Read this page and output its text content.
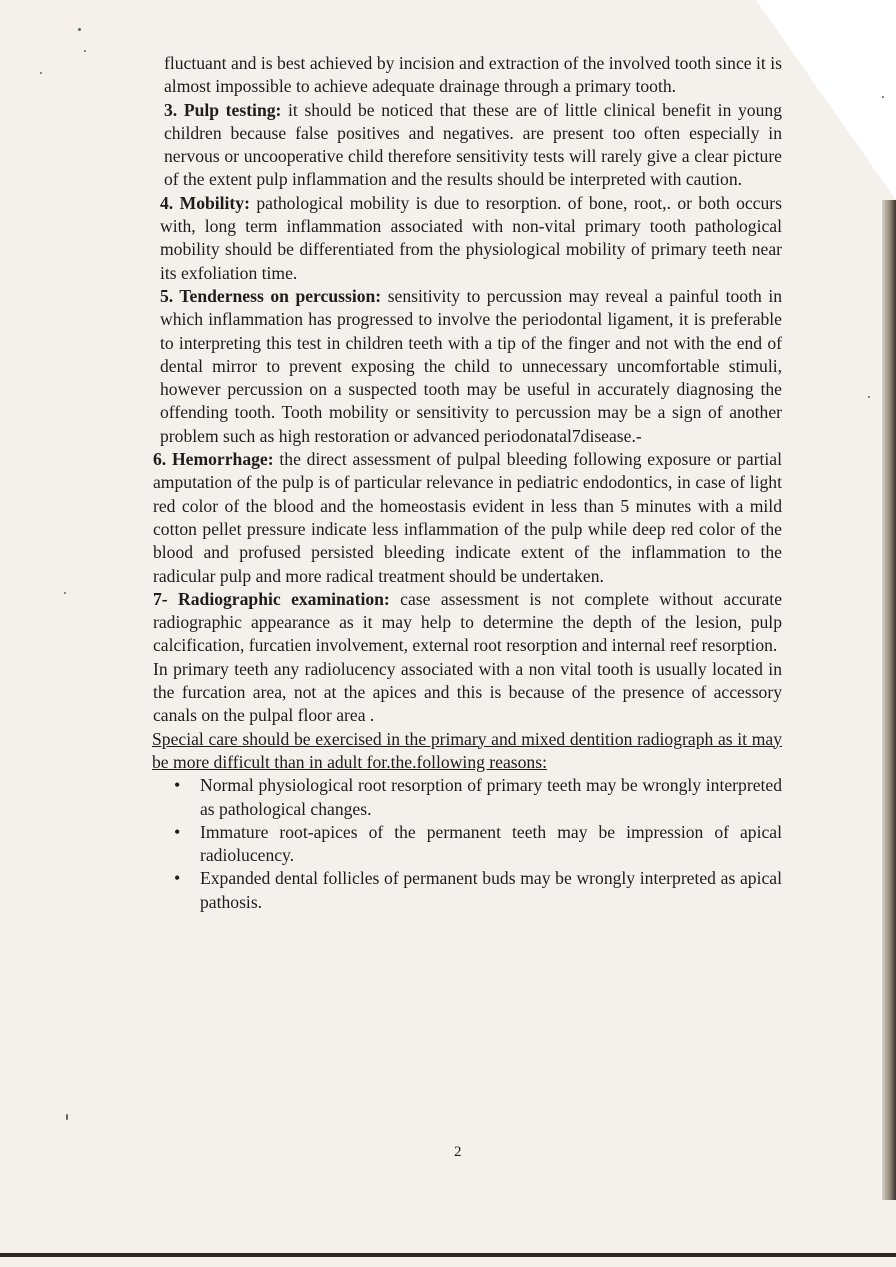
fluctuant and is best achieved by incision and extraction of the involved tooth since it is almost impossible to achieve adequate drainage through a primary tooth.

3. Pulp testing: it should be noticed that these are of little clinical benefit in young children because false positives and negatives. are present too often especially in nervous or uncooperative child therefore sensitivity tests will rarely give a clear picture of the extent pulp inflammation and the results should be interpreted with caution.

4. Mobility: pathological mobility is due to resorption. of bone, root,. or both occurs with, long term inflammation associated with non-vital primary tooth pathological mobility should be differentiated from the physiological mobility of primary teeth near its exfoliation time.

5. Tenderness on percussion: sensitivity to percussion may reveal a painful tooth in which inflammation has progressed to involve the periodontal ligament, it is preferable to interpreting this test in children teeth with a tip of the finger and not with the end of dental mirror to prevent exposing the child to unnecessary uncomfortable stimuli, however percussion on a suspected tooth may be useful in accurately diagnosing the offending tooth. Tooth mobility or sensitivity to percussion may be a sign of another problem such as high restoration or advanced periodonatal7disease.-

6. Hemorrhage: the direct assessment of pulpal bleeding following exposure or partial amputation of the pulp is of particular relevance in pediatric endodontics, in case of light red color of the blood and the homeostasis evident in less than 5 minutes with a mild cotton pellet pressure indicate less inflammation of the pulp while deep red color of the blood and profused persisted bleeding indicate extent of the inflammation to the radicular pulp and more radical treatment should be undertaken.

7- Radiographic examination: case assessment is not complete without accurate radiographic appearance as it may help to determine the depth of the lesion, pulp calcification, furcatien involvement, external root resorption and internal reef resorption.

In primary teeth any radiolucency associated with a non vital tooth is usually located in the furcation area, not at the apices and this is because of the presence of accessory canals on the pulpal floor area .

Special care should be exercised in the primary and mixed dentition radiograph as it may be more difficult than in adult for.the.following reasons:

• Normal physiological root resorption of primary teeth may be wrongly interpreted as pathological changes.
• Immature root-apices of the permanent teeth may be impression of apical radiolucency.
• Expanded dental follicles of permanent buds may be wrongly interpreted as apical pathosis.
2
